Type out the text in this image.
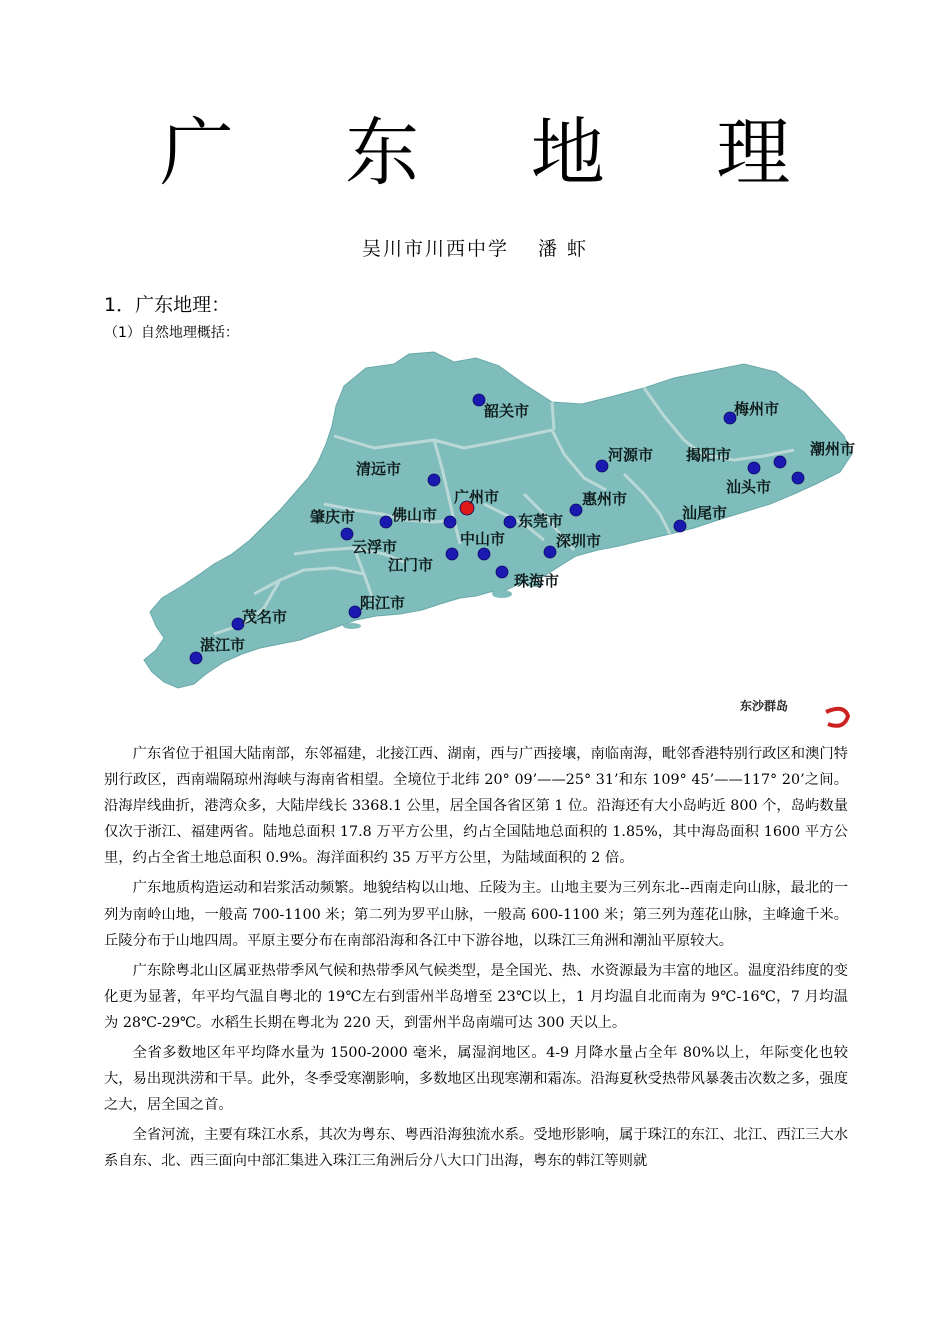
广 东 地 理
吴川市川西中学　 潘 虾
1．广东地理：
（1）自然地理概括：
东沙群岛
韶关市	梅州市
河源市 揭阳市	潮州市
清远市
广州市
汕头市
惠州市
汕尾市
肇庆市 佛山市	东莞市
云浮市	中山市	深圳市
江门市
珠海市
阳江市
茂名市
湛江市

广东省位于祖国大陆南部，东邻福建，北接江西、湖南，西与广西接壤，南临南海，毗邻香港特别行政区和澳门特别行政区，西南端隔琼州海峡与海南省相望。全境位于北纬 20° 09’——25° 31’和东 109° 45’——117° 20’之间。沿海岸线曲折，港湾众多，大陆岸线长 3368.1 公里，居全国各省区第 1 位。沿海还有大小岛屿近 800 个，岛屿数量仅次于浙江、福建两省。陆地总面积 17.8 万平方公里，约占全国陆地总面积的 1.85%，其中海岛面积 1600 平方公里，约占全省土地总面积 0.9%。海洋面积约 35 万平方公里，为陆域面积的 2 倍。

广东地质构造运动和岩浆活动频繁。地貌结构以山地、丘陵为主。山地主要为三列东北--西南走向山脉，最北的一列为南岭山地，一般高 700-1100 米；第二列为罗平山脉，一般高 600-1100 米；第三列为莲花山脉，主峰逾千米。丘陵分布于山地四周。平原主要分布在南部沿海和各江中下游谷地，以珠江三角洲和潮汕平原较大。

广东除粤北山区属亚热带季风气候和热带季风气候类型，是全国光、热、水资源最为丰富的地区。温度沿纬度的变化更为显著，年平均气温自粤北的 19℃左右到雷州半岛增至 23℃以上，1 月均温自北而南为 9℃-16℃，7 月均温为 28℃-29℃。水稻生长期在粤北为 220 天，到雷州半岛南端可达 300 天以上。

全省多数地区年平均降水量为 1500-2000 毫米，属湿润地区。4-9 月降水量占全年 80%以上，年际变化也较大，易出现洪涝和干旱。此外，冬季受寒潮影响，多数地区出现寒潮和霜冻。沿海夏秋受热带风暴袭击次数之多，强度之大，居全国之首。

全省河流，主要有珠江水系，其次为粤东、粤西沿海独流水系。受地形影响，属于珠江的东江、北江、西江三大水系自东、北、西三面向中部汇集进入珠江三角洲后分八大口门出海，粤东的韩江等则就
